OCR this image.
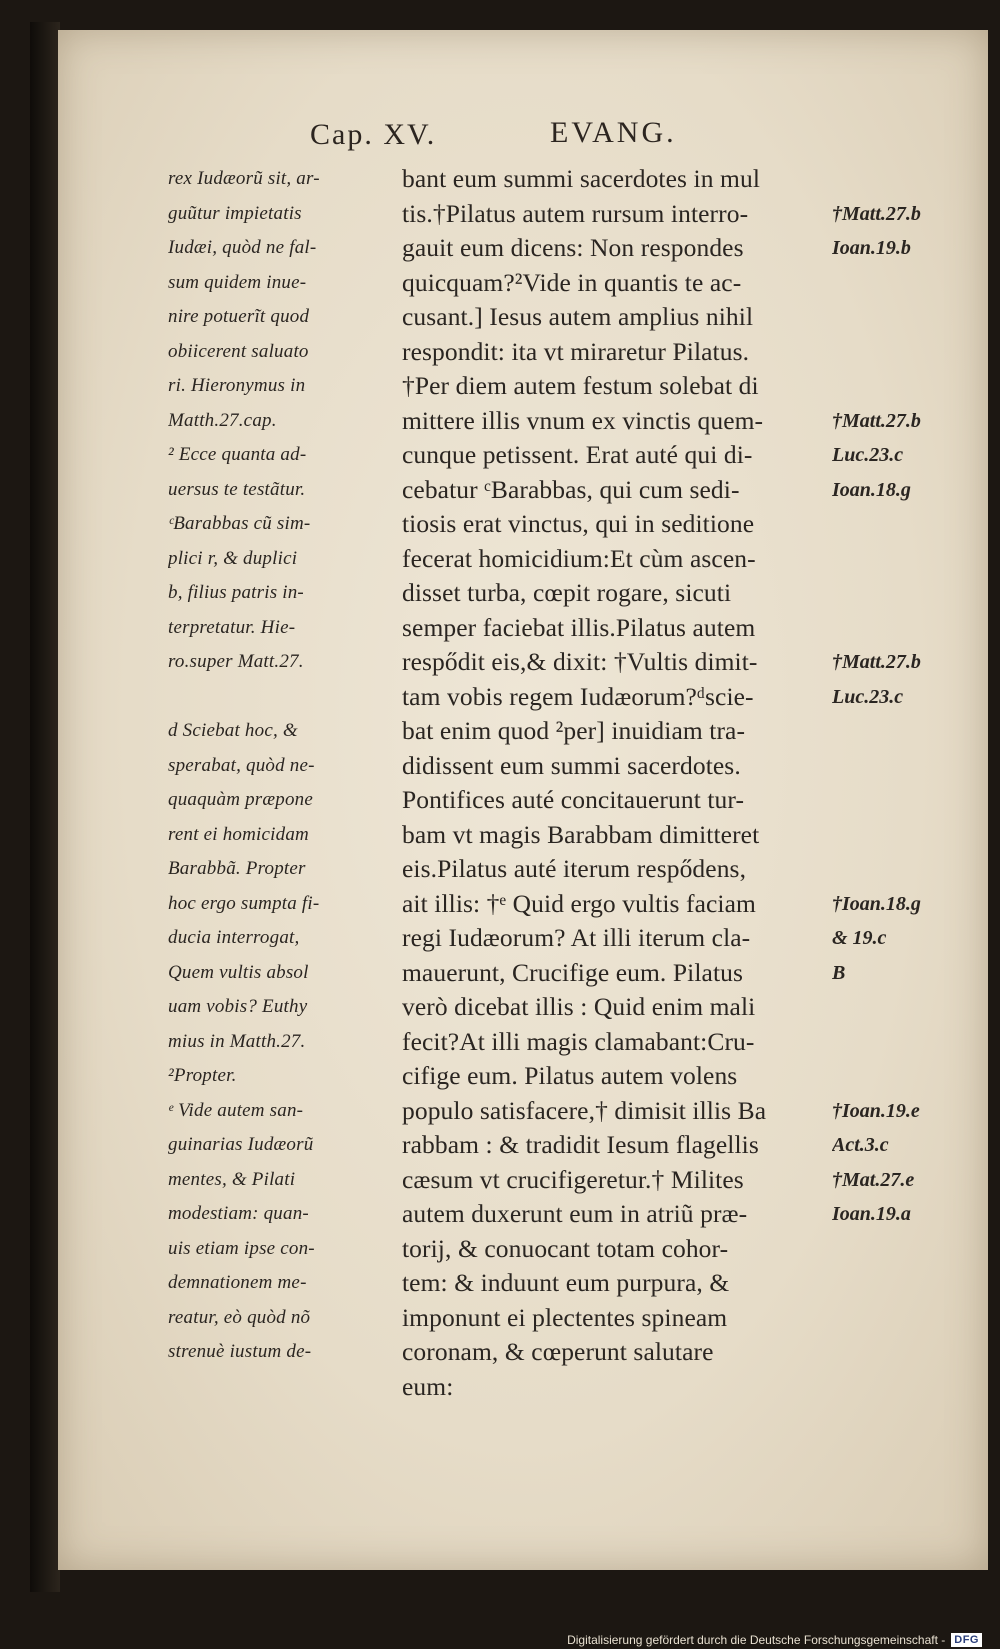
Cap. XV.	EVANG.
rex Iudæorũ sit, ar-
guũtur impietatis
Iudæi, quòd ne fal-
sum quidem inue-
nire potuerĩt quod
obiicerent saluato
ri. Hieronymus in
Matth.27.cap.
² Ecce quanta ad-
uersus te testãtur.
ᶜBarabbas cũ sim-
plici r, & duplici
b, filius patris in-
terpretatur. Hie-
ro.super Matt.27.
d Sciebat hoc, &
sperabat, quòd ne-
quaquàm præpone
rent ei homicidam
Barabbã. Propter
hoc ergo sumpta fi-
ducia interrogat,
Quem vultis absol
uam vobis? Euthy
mius in Matth.27.
²Propter.
ᵉ Vide autem san-
guinarias Iudæorũ
mentes, & Pilati
modestiam: quan-
uis etiam ipse con-
demnationem me-
reatur, eò quòd nõ
strenuè iustum de-
bant eum summi sacerdotes in mul
tis.†Pilatus autem rursum interro-
gauit eum dicens: Non respondes
quicquam?²Vide in quantis te ac-
cusant.] Iesus autem amplius nihil
respondit: ita vt miraretur Pilatus.
†Per diem autem festum solebat di
mittere illis vnum ex vinctis quem-
cunque petissent. Erat auté qui di-
cebatur ᶜBarabbas, qui cum sedi-
tiosis erat vinctus, qui in seditione
fecerat homicidium:Et cùm ascen-
disset turba, cœpit rogare, sicuti
semper faciebat illis.Pilatus autem
respődit eis,& dixit: †Vultis dimit-
tam vobis regem Iudæorum?ᵈscie-
bat enim quod ²per] inuidiam tra-
didissent eum summi sacerdotes.
Pontifices auté concitauerunt tur-
bam vt magis Barabbam dimitteret
eis.Pilatus auté iterum respődens,
ait illis: †ᵉ Quid ergo vultis faciam
regi Iudæorum? At illi iterum cla-
mauerunt, Crucifige eum. Pilatus
verò dicebat illis : Quid enim mali
fecit?At illi magis clamabant:Cru-
cifige eum. Pilatus autem volens
populo satisfacere,† dimisit illis Ba
rabbam : & tradidit Iesum flagellis
cæsum vt crucifigeretur.† Milites
autem duxerunt eum in atriũ præ-
torij, & conuocant totam cohor-
tem: & induunt eum purpura, &
imponunt ei plectentes spineam
coronam, & cœperunt salutare
eum:
†Matt.27.b
Ioan.19.b
†Matt.27.b
Luc.23.c
Ioan.18.g
†Matt.27.b
Luc.23.c
†Ioan.18.g
& 19.c
B
†Ioan.19.e
Act.3.c
†Mat.27.e
Ioan.19.a
Digitalisierung gefördert durch die Deutsche Forschungsgemeinschaft - DFG
